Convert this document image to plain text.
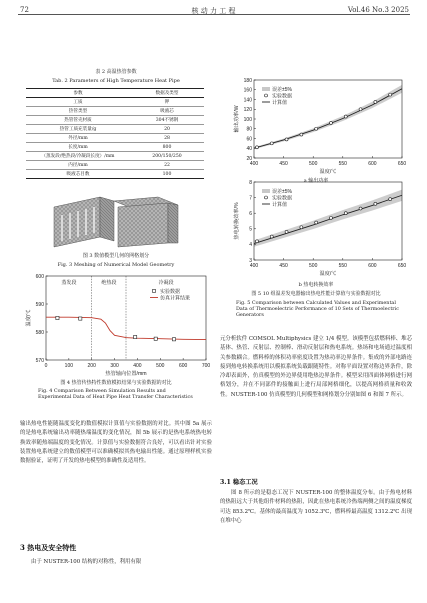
72	核 动 力 工 程	Vol.46 No.3 2025
表 2 高温热管参数
Tab. 2 Parameters of High Temperature Heat Pipe
参数	数据及类型
工质	钾
热管类型	吸液芯
热管管壳材质	304不锈钢
热管工质充装量/g	20
外径/mm	28
长度/mm	800
（蒸发段/绝热段/冷凝段长度）/mm	200/150/250
内径/mm	22
吸液芯目数	100
图 3 数值模型几何的网格划分
Fig. 3 Meshing of Numerical Model Geometry
蒸发段	绝热段	冷凝段
0	100	200	300	400	500	600	700
570
580
590
600
热管轴向位置/mm
温度/℃
实验数据
仿真计算结果
图 4 热管传热特性数值模拟结果与实验数据的对比
Fig. 4 Comparison Between Simulation Results and Experimental Data of Heat Pipe Heat Transfer Characteristics
输出热电性能随温度变化的数值模拟计算值与实验数据的对比。其中图 5a 展示的是热电系统输出功率随热端温度的变化情况，图 5b 展示的是热电系统热电转换效率随热端温度的变化情况。计算值与实验数据符合良好，可以看出针对实验装置热电系统建立的数值模型可以准确模拟其热电输出性能。通过原理样机实验数据验证，证明了开发的热电模型的准确性及适用性。
3 热电及安全特性
由于 NUSTER-100 结构的对称性，利用有限
400	450	500	550	600	650
20
40
60
80
100
120
140
160
180
温度/℃
输出功率/W
误差±5%
实验数据
计算值
a 输出功率
400	450	500	550	600	650
3
4
5
6
7
8
温度/℃
热电转换效率/%
误差±5%
实验数据
计算值
b 热电转换效率
图 5 10 组温差发电器输出热电性能计算值与实验数据对比
Fig. 5 Comparison between Calculated Values and Experimental Data of Thermoelectric Performance of 10 Sets of Thermoelectric Generators
元分析软件 COMSOL Multiphysics 建立 1/4 模型。该模型包括燃料棒、堆芯基体、热管、反射层、控制棒、滑动反射层和热电系统。热场和电场通过温度相关参数耦合。燃料棒的体积功率密度设置为热功率边界条件。集成的外部电路连接到热电转换系统用以模拟系统负载跟随特性。对称平面设置对称边界条件，除冷却表面外，仿真模型的外边界使用绝热边界条件。模型采用四面体网格进行网格划分，并在不同部件的接触面上进行局部网格细化，以提高网格质量和收敛性。NUSTER-100 仿真模型的几何模型和网格划分分别如图 6 和图 7 所示。
3.1 稳态工况
图 8 所示的是稳态工况下 NUSTER-100 的整体温度分布。由于热电材料的热阻远大于其他组件材料的热阻，因此在热电系统冷热端两侧之间的温度梯度可达 853.2℃。基体的最高温度为 1052.3℃，燃料棒最高温度 1312.2℃ 出现在堆中心
